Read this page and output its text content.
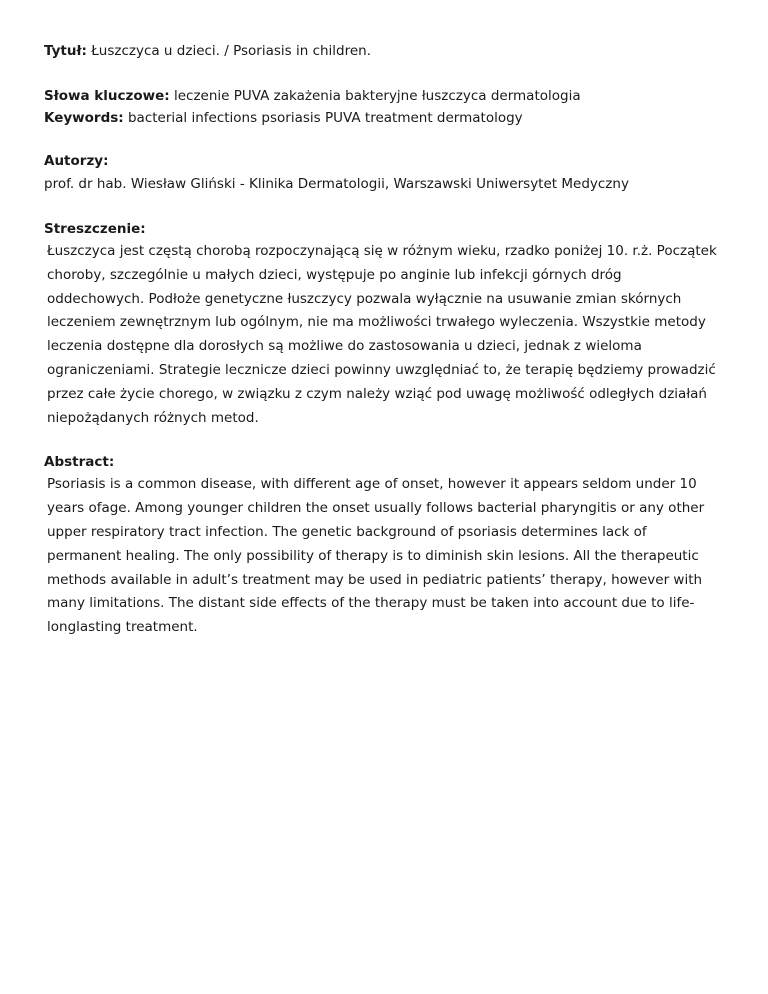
Tytuł: Łuszczyca u dzieci. / Psoriasis in children.
Słowa kluczowe: leczenie PUVA zakażenia bakteryjne łuszczyca dermatologia
Keywords: bacterial infections psoriasis PUVA treatment dermatology
Autorzy:
prof. dr hab. Wiesław Gliński - Klinika Dermatologii, Warszawski Uniwersytet Medyczny
Streszczenie:

Łuszczyca jest częstą chorobą rozpoczynającą się w różnym wieku, rzadko poniżej 10. r.ż. Początek choroby, szczególnie u małych dzieci, występuje po anginie lub infekcji górnych dróg oddechowych. Podłoże genetyczne łuszczycy pozwala wyłącznie na usuwanie zmian skórnych leczeniem zewnętrznym lub ogólnym, nie ma możliwości trwałego wyleczenia. Wszystkie metody leczenia dostępne dla dorosłych są możliwe do zastosowania u dzieci, jednak z wieloma ograniczeniami. Strategie lecznicze dzieci powinny uwzględniać to, że terapię będziemy prowadzić przez całe życie chorego, w związku z czym należy wziąć pod uwagę możliwość odległych działań niepożądanych różnych metod.

Abstract:

Psoriasis is a common disease, with different age of onset, however it appears seldom under 10 years ofage. Among younger children the onset usually follows bacterial pharyngitis or any other upper respiratory tract infection. The genetic background of psoriasis determines lack of permanent healing. The only possibility of therapy is to diminish skin lesions. All the therapeutic methods available in adult’s treatment may be used in pediatric patients’ therapy, however with many limitations. The distant side effects of the therapy must be taken into account due to life-longlasting treatment.
